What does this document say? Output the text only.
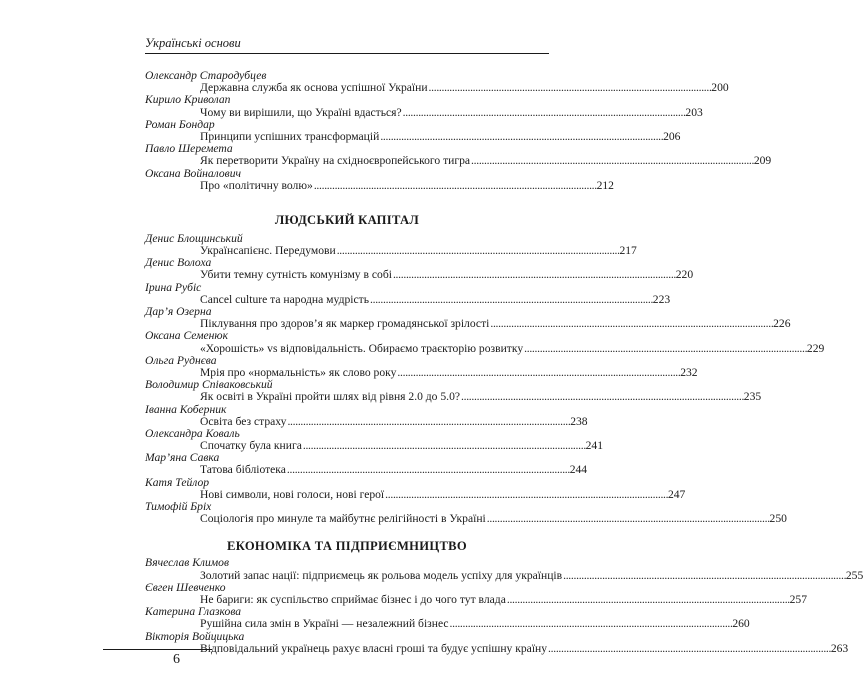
Українські основи
Олександр Стародубцев
Державна служба як основа успішної України . . .	200
Кирило Криволап
Чому ви вирішили, що Україні вдасться? . . .	203
Роман Бондар
Принципи успішних трансформацій . . .	206
Павло Шеремета
Як перетворити Україну на східноєвропейського тигра . . .	209
Оксана Войналович
Про «політичну волю» . . .	212
ЛЮДСЬКИЙ КАПІТАЛ
Денис Блощинський
Українсапієнс. Передумови . . .	217
Денис Волоха
Убити темну сутність комунізму в собі . . .	220
Ірина Рубіс
Cancel culture та народна мудрість . . .	223
Дар’я Озерна
Піклування про здоров’я як маркер громадянської зрілості . . .	226
Оксана Семенюк
«Хорошість» vs відповідальність. Обираємо траєкторію розвитку . . .	229
Ольга Руднєва
Мрія про «нормальність» як слово року . . .	232
Володимир Співаковський
Як освіті в Україні пройти шлях від рівня 2.0 до 5.0? . . .	235
Іванна Коберник
Освіта без страху . . .	238
Олександра Коваль
Спочатку була книга . . .	241
Мар’яна Савка
Татова бібліотека . . .	244
Катя Тейлор
Нові символи, нові голоси, нові герої . . .	247
Тимофій Бріх
Соціологія про минуле та майбутнє релігійності в Україні . . .	250
ЕКОНОМІКА ТА ПІДПРИЄМНИЦТВО
Вячеслав Климов
Золотий запас нації: підприємець як рольова модель успіху для українців . . .	255
Євген Шевченко
Не бариги: як суспільство сприймає бізнес і до чого тут влада . . .	257
Катерина Глазкова
Рушійна сила змін в Україні — незалежний бізнес . . .	260
Вікторія Войцицька
Відповідальний українець рахує власні гроші та будує успішну країну . . .	263
6
